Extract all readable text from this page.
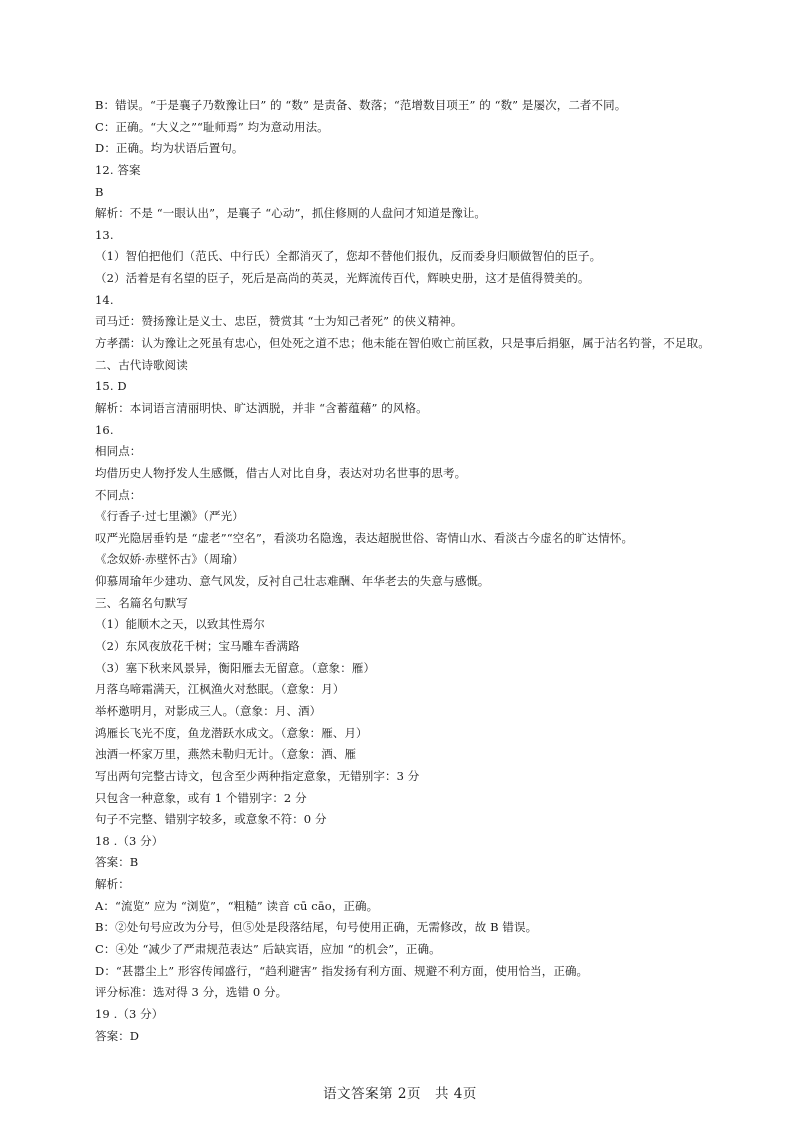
B：错误。“于是襄子乃数豫让曰” 的 “数” 是责备、数落；“范增数目项王” 的 “数” 是屡次，二者不同。
C：正确。“大义之”“耻师焉” 均为意动用法。
D：正确。均为状语后置句。
12. 答案
B
解析：不是 “一眼认出”，是襄子 “心动”，抓住修厕的人盘问才知道是豫让。
13.
（1）智伯把他们（范氏、中行氏）全都消灭了，您却不替他们报仇，反而委身归顺做智伯的臣子。
（2）活着是有名望的臣子，死后是高尚的英灵，光辉流传百代，辉映史册，这才是值得赞美的。
14.
司马迁：赞扬豫让是义士、忠臣，赞赏其 “士为知己者死” 的侠义精神。
方孝孺：认为豫让之死虽有忠心，但处死之道不忠；他未能在智伯败亡前匡救，只是事后捐躯，属于沽名钓誉，不足取。
二、古代诗歌阅读
15. D
解析：本词语言清丽明快、旷达洒脱，并非 “含蓄蕴藉” 的风格。
16.
相同点：
均借历史人物抒发人生感慨，借古人对比自身，表达对功名世事的思考。
不同点：
《行香子·过七里濑》（严光）
叹严光隐居垂钓是 “虚老”“空名”，看淡功名隐逸，表达超脱世俗、寄情山水、看淡古今虚名的旷达情怀。
《念奴娇·赤壁怀古》（周瑜）
仰慕周瑜年少建功、意气风发，反衬自己壮志难酬、年华老去的失意与感慨。
三、名篇名句默写
（1）能顺木之天，以致其性焉尔
（2）东风夜放花千树；宝马雕车香满路
（3）塞下秋来风景异，衡阳雁去无留意。（意象：雁）
月落乌啼霜满天，江枫渔火对愁眠。（意象：月）
举杯邀明月，对影成三人。（意象：月、酒）
鸿雁长飞光不度，鱼龙潜跃水成文。（意象：雁、月）
浊酒一杯家万里，燕然未勒归无计。（意象：酒、雁
写出两句完整古诗文，包含至少两种指定意象，无错别字：3 分
只包含一种意象，或有 1 个错别字：2 分
句子不完整、错别字较多，或意象不符：0 分
18 .（3 分）
答案：B
解析：
A：“流览” 应为 “浏览”，“粗糙” 读音 cū cāo，正确。
B：②处句号应改为分号，但⑤处是段落结尾，句号使用正确，无需修改，故 B 错误。
C：④处 “减少了严肃规范表达” 后缺宾语，应加 “的机会”，正确。
D：“甚嚣尘上” 形容传闻盛行，“趋利避害” 指发扬有利方面、规避不利方面，使用恰当，正确。
评分标准：选对得 3 分，选错 0 分。
19 .（3 分）
答案：D
语文答案第 2页　共 4页
